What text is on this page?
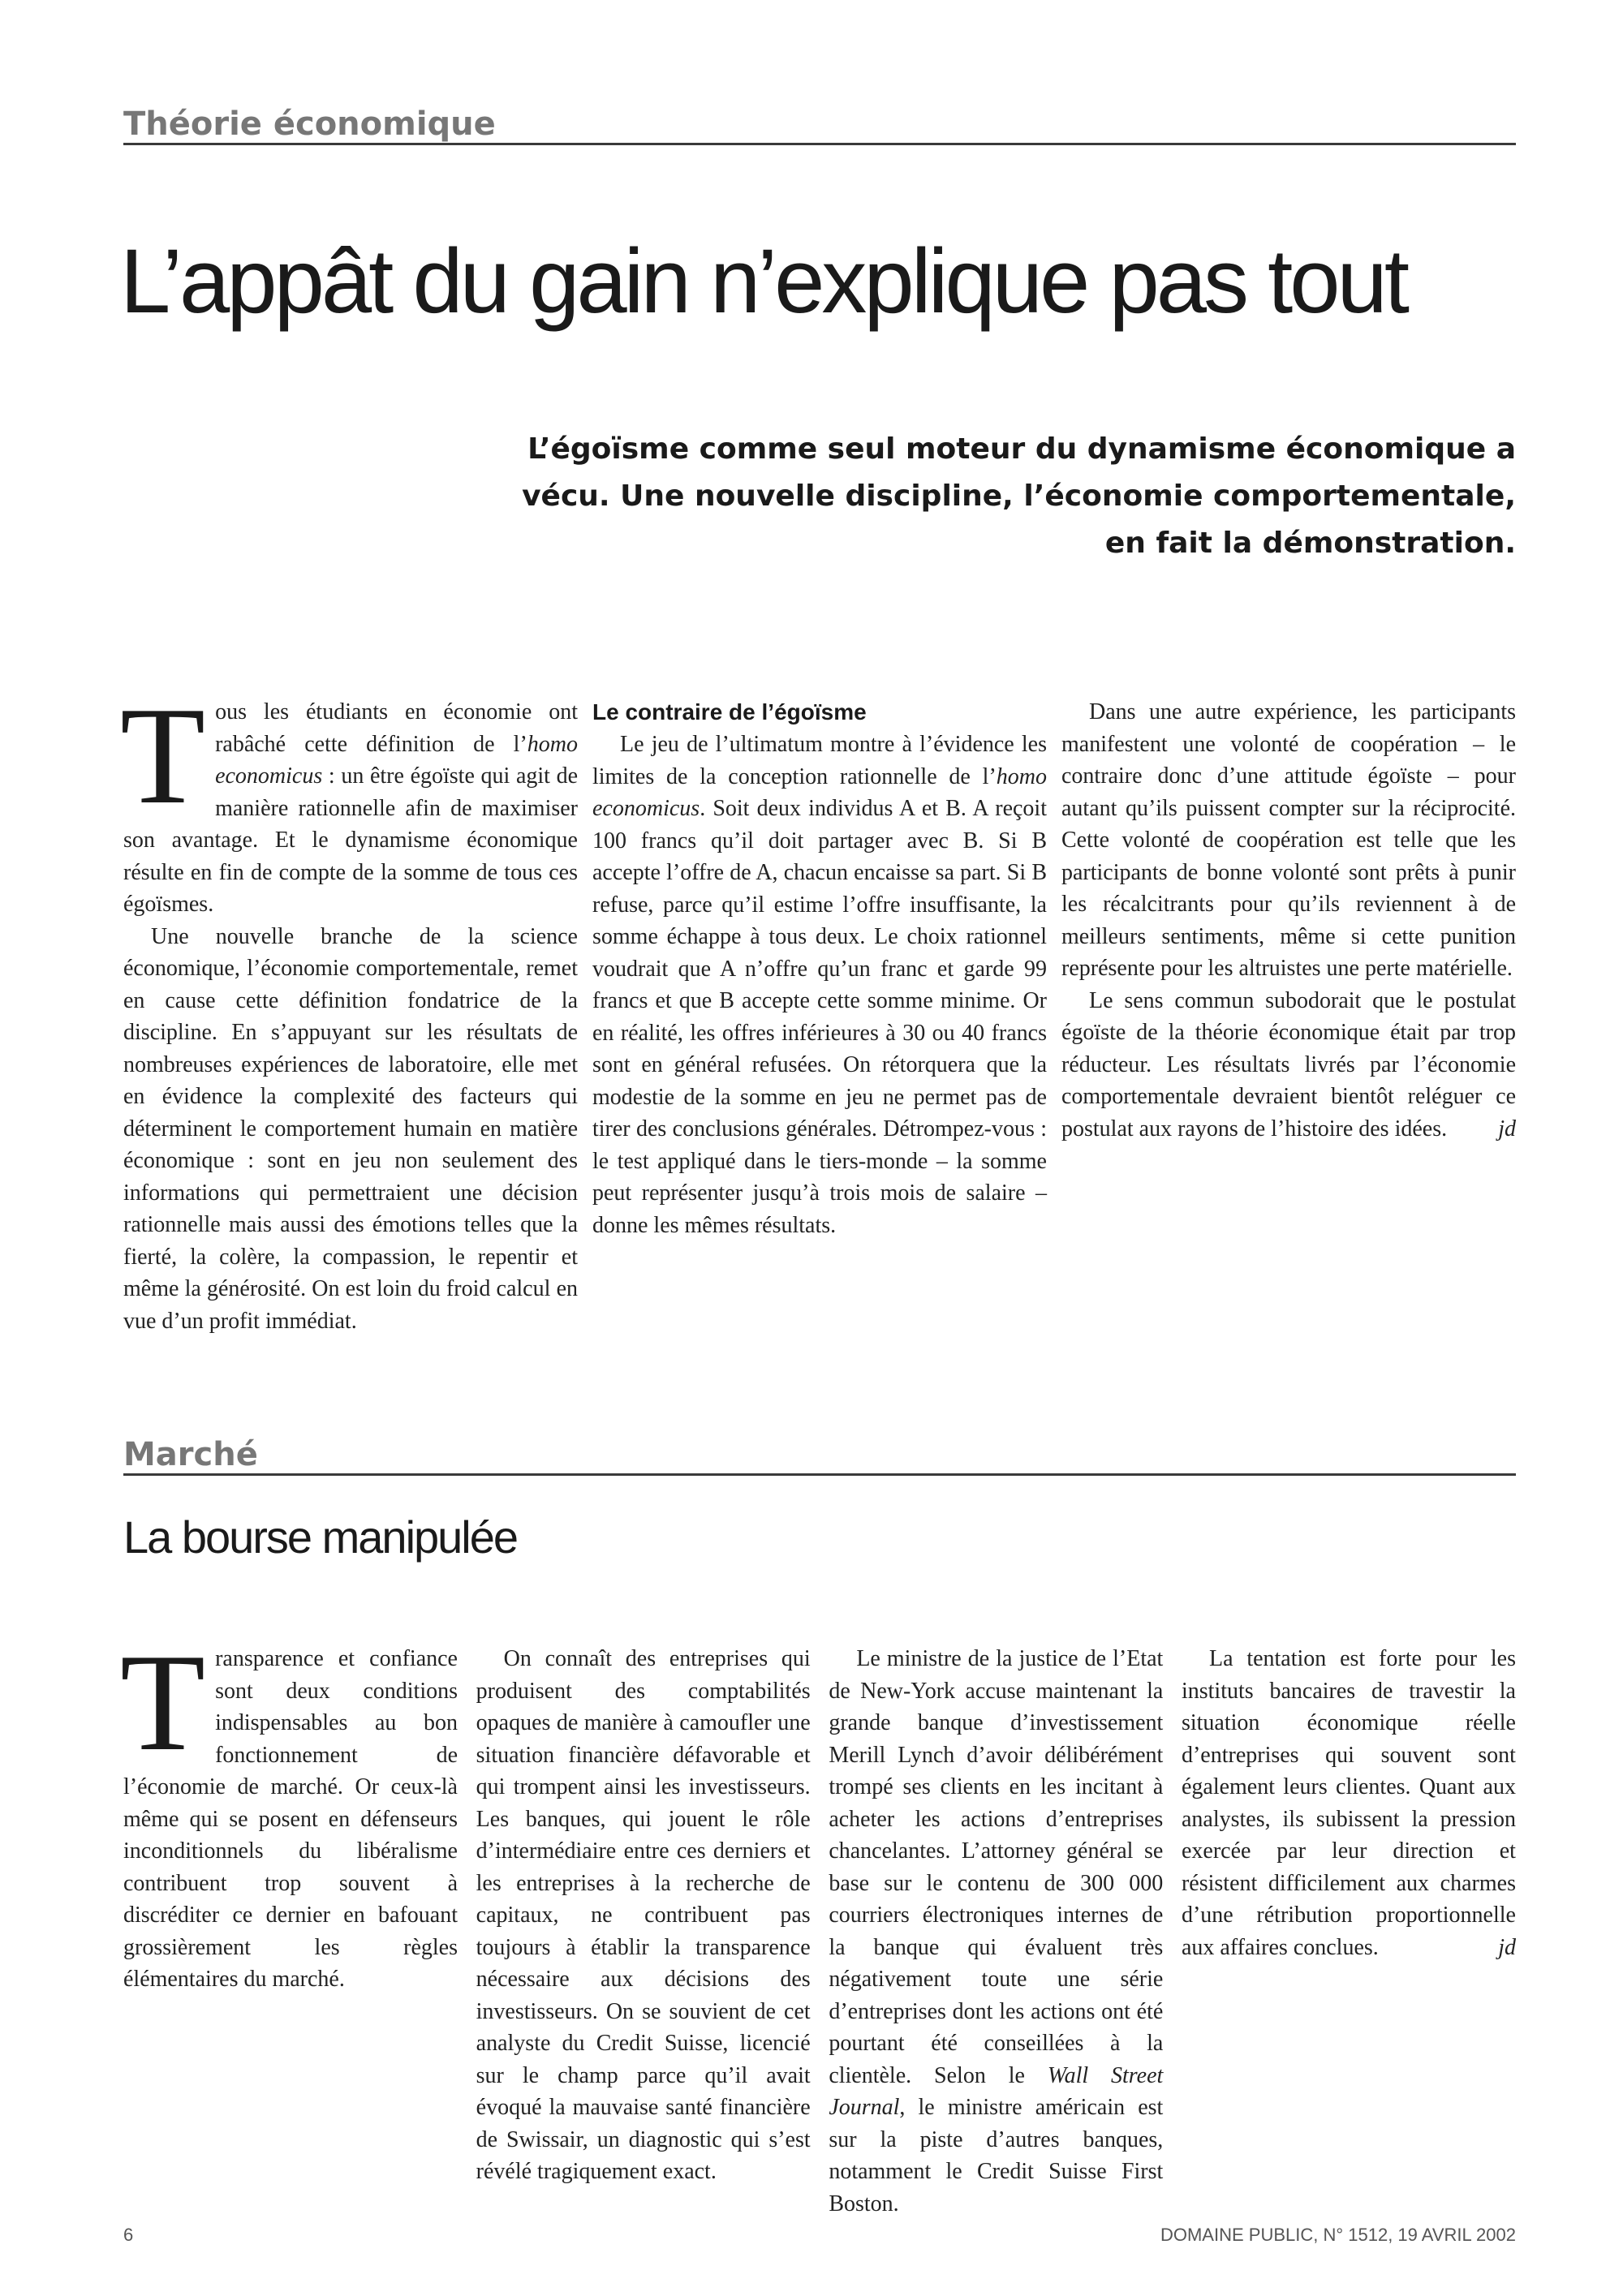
Théorie économique
L’appât du gain n’explique pas tout
L’égoïsme comme seul moteur du dynamisme économique a vécu. Une nouvelle discipline, l’économie comportementale, en fait la démonstration.

Tous les étudiants en économie ont rabâché cette définition de l’homo economicus : un être égoïste qui agit de manière rationnelle afin de maximiser son avantage. Et le dynamisme économique résulte en fin de compte de la somme de tous ces égoïsmes.

Une nouvelle branche de la science économique, l’économie comportementale, remet en cause cette définition fondatrice de la discipline. En s’appuyant sur les résultats de nombreuses expériences de laboratoire, elle met en évidence la complexité des facteurs qui déterminent le comportement humain en matière économique : sont en jeu non seulement des informations qui permettraient une décision rationnelle mais aussi des émotions telles que la fierté, la colère, la compassion, le repentir et même la générosité. On est loin du froid calcul en vue d’un profit immédiat.

Le contraire de l’égoïsme

Le jeu de l’ultimatum montre à l’évidence les limites de la conception rationnelle de l’homo economicus. Soit deux individus A et B. A reçoit 100 francs qu’il doit partager avec B. Si B accepte l’offre de A, chacun encaisse sa part. Si B refuse, parce qu’il estime l’offre insuffisante, la somme échappe à tous deux. Le choix rationnel voudrait que A n’offre qu’un franc et garde 99 francs et que B accepte cette somme minime. Or en réalité, les offres inférieures à 30 ou 40 francs sont en général refusées. On rétorquera que la modestie de la somme en jeu ne permet pas de tirer des conclusions générales. Détrompez-vous : le test appliqué dans le tiers-monde – la somme peut représenter jusqu’à trois mois de salaire – donne les mêmes résultats.

Dans une autre expérience, les participants manifestent une volonté de coopération – le contraire donc d’une attitude égoïste – pour autant qu’ils puissent compter sur la réciprocité. Cette volonté de coopération est telle que les participants de bonne volonté sont prêts à punir les récalcitrants pour qu’ils reviennent à de meilleurs sentiments, même si cette punition représente pour les altruistes une perte matérielle.

Le sens commun subodorait que le postulat égoïste de la théorie économique était par trop réducteur. Les résultats livrés par l’économie comportementale devraient bientôt reléguer ce postulat aux rayons de l’histoire des idées.	jd

Marché
La bourse manipulée

Transparence et confiance sont deux conditions indispensables au bon fonctionnement de l’économie de marché. Or ceux-là même qui se posent en défenseurs inconditionnels du libéralisme contribuent trop souvent à discréditer ce dernier en bafouant grossièrement les règles élémentaires du marché.

On connaît des entreprises qui produisent des comptabilités opaques de manière à camoufler une situation financière défavorable et qui trompent ainsi les investisseurs. Les banques, qui jouent le rôle d’intermédiaire entre ces derniers et les entreprises à la recherche de capitaux, ne contribuent pas toujours à établir la transparence nécessaire aux décisions des investisseurs. On se souvient de cet analyste du Credit Suisse, licencié sur le champ parce qu’il avait évoqué la mauvaise santé financière de Swissair, un diagnostic qui s’est révélé tragiquement exact.

Le ministre de la justice de l’Etat de New-York accuse maintenant la grande banque d’investissement Merill Lynch d’avoir délibérément trompé ses clients en les incitant à acheter les actions d’entreprises chancelantes. L’attorney général se base sur le contenu de 300 000 courriers électroniques internes de la banque qui évaluent très négativement toute une série d’entreprises dont les actions ont été pourtant été conseillées à la clientèle. Selon le Wall Street Journal, le ministre américain est sur la piste d’autres banques, notamment le Credit Suisse First Boston.

La tentation est forte pour les instituts bancaires de travestir la situation économique réelle d’entreprises qui souvent sont également leurs clientes. Quant aux analystes, ils subissent la pression exercée par leur direction et résistent difficilement aux charmes d’une rétribution proportionnelle aux affaires conclues.	jd

6	DOMAINE PUBLIC, N° 1512, 19 AVRIL 2002
